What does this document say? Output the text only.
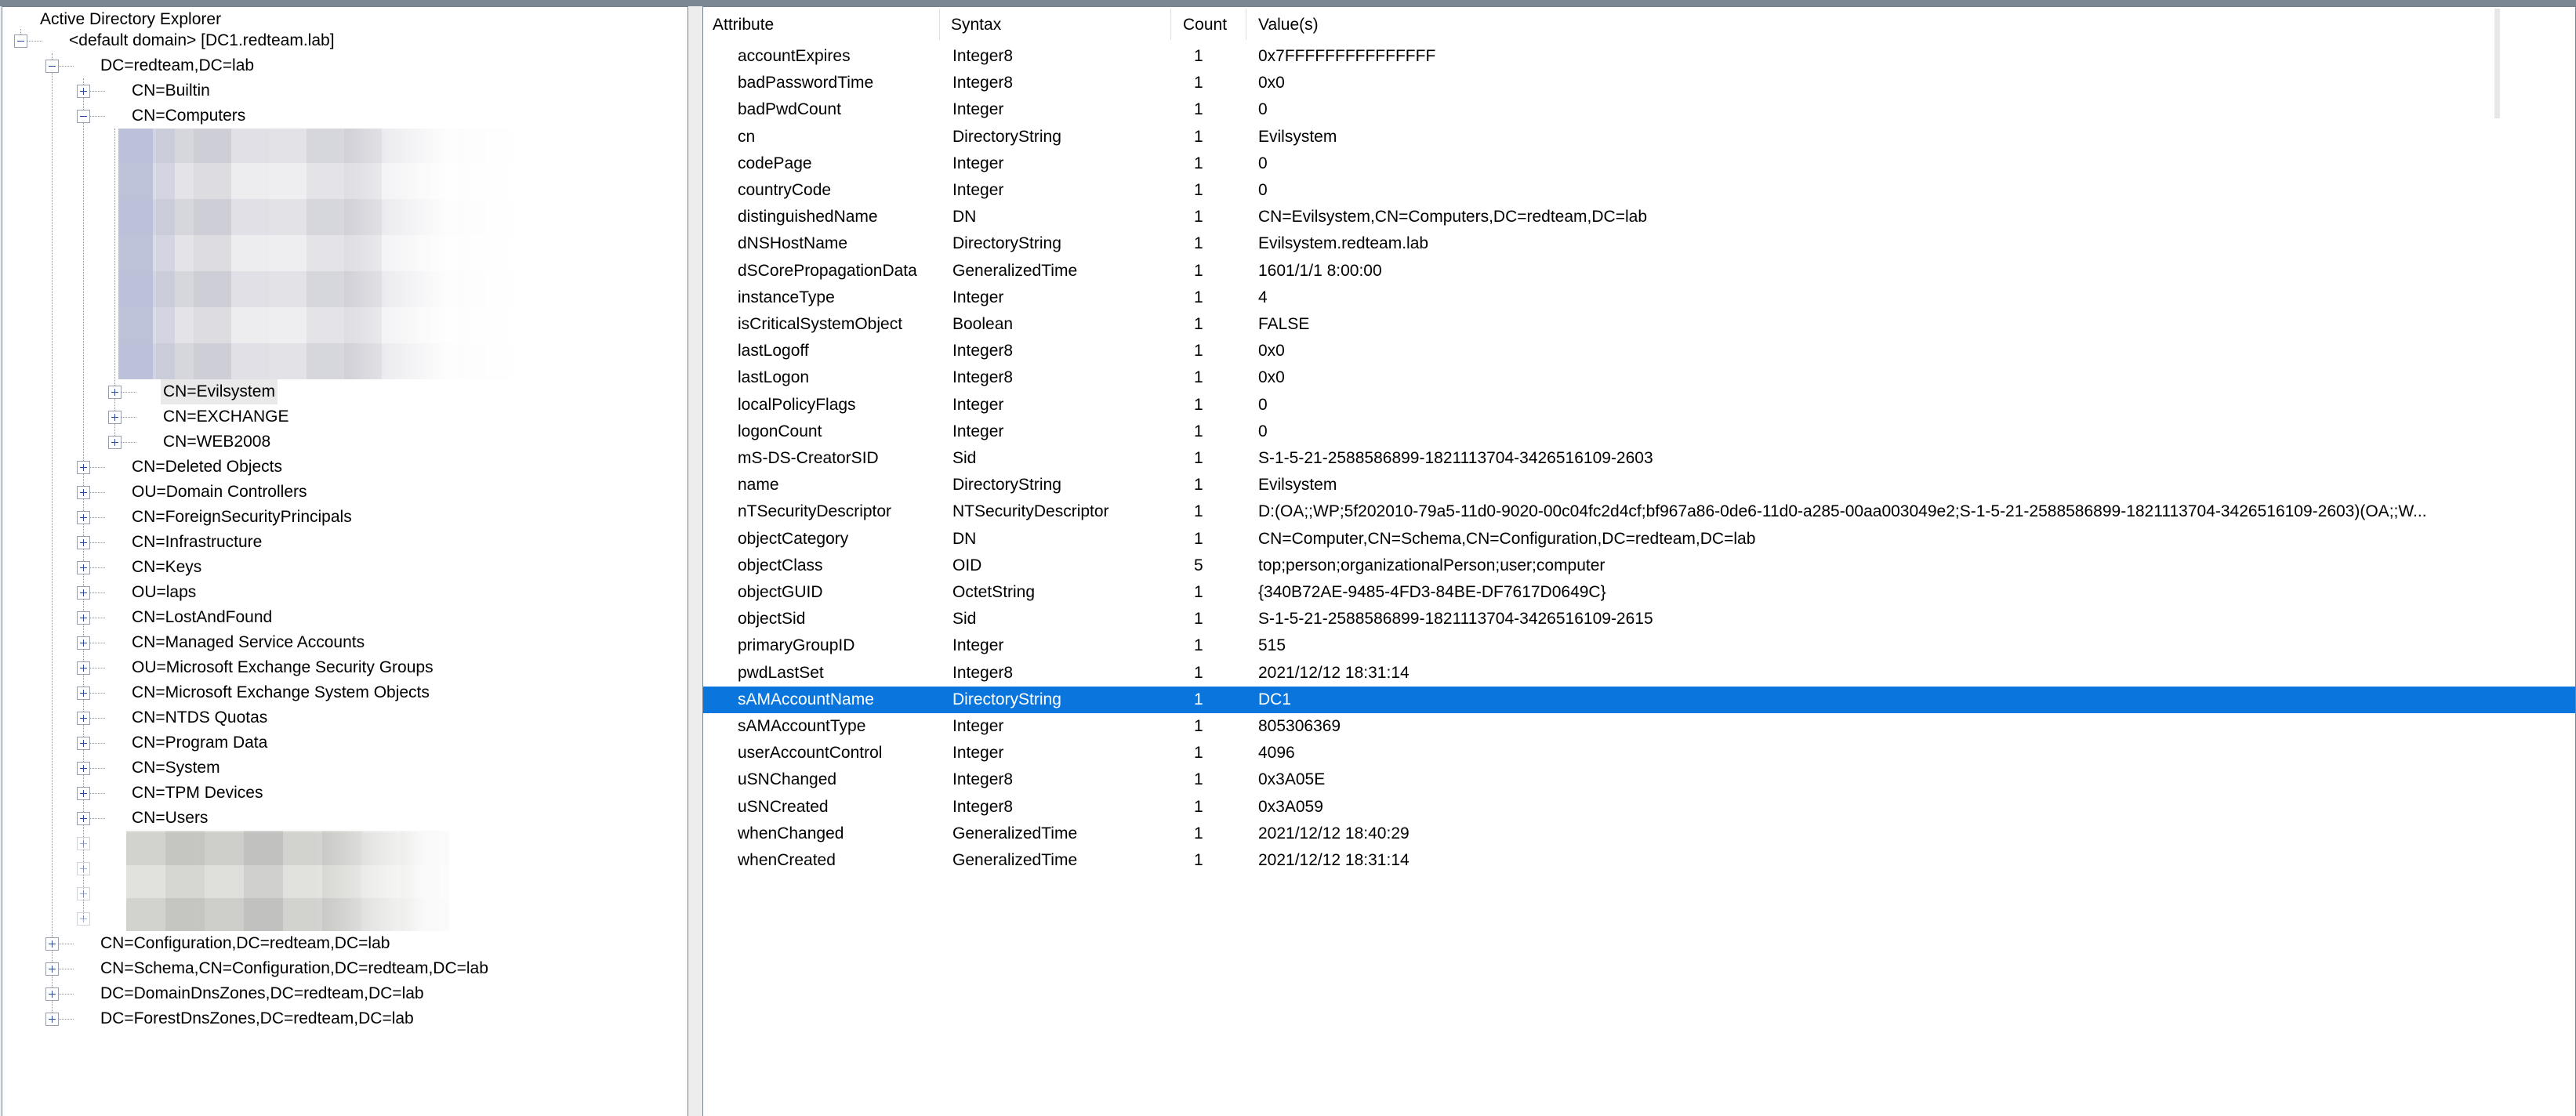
Active Directory Explorer
<default domain> [DC1.redteam.lab]
DC=redteam,DC=lab
CN=Builtin
CN=Computers
CN=Evilsystem
CN=EXCHANGE
CN=WEB2008
CN=Deleted Objects
OU=Domain Controllers
CN=ForeignSecurityPrincipals
CN=Infrastructure
CN=Keys
OU=laps
CN=LostAndFound
CN=Managed Service Accounts
OU=Microsoft Exchange Security Groups
CN=Microsoft Exchange System Objects
CN=NTDS Quotas
CN=Program Data
CN=System
CN=TPM Devices
CN=Users
CN=Configuration,DC=redteam,DC=lab
CN=Schema,CN=Configuration,DC=redteam,DC=lab
DC=DomainDnsZones,DC=redteam,DC=lab
DC=ForestDnsZones,DC=redteam,DC=lab
Attribute	Syntax	Count Value(s)
accountExpires	Integer8	1	0x7FFFFFFFFFFFFFFF
badPasswordTime	Integer8	1	0x0
badPwdCount	Integer	1	0
cn	DirectoryString	1	Evilsystem
codePage	Integer	1	0
countryCode	Integer	1	0
distinguishedName	DN	1	CN=Evilsystem,CN=Computers,DC=redteam,DC=lab
dNSHostName	DirectoryString	1	Evilsystem.redteam.lab
dSCorePropagationData	GeneralizedTime	1	1601/1/1 8:00:00
instanceType	Integer	1	4
isCriticalSystemObject	Boolean	1	FALSE
lastLogoff	Integer8	1	0x0
lastLogon	Integer8	1	0x0
localPolicyFlags	Integer	1	0
logonCount	Integer	1	0
mS-DS-CreatorSID	Sid	1	S-1-5-21-2588586899-1821113704-3426516109-2603
name	DirectoryString	1	Evilsystem
nTSecurityDescriptor	NTSecurityDescriptor	1	D:(OA;;WP;5f202010-79a5-11d0-9020-00c04fc2d4cf;bf967a86-0de6-11d0-a285-00aa003049e2;S-1-5-21-2588586899-1821113704-3426516109-2603)(OA;;W...
objectCategory	DN	1	CN=Computer,CN=Schema,CN=Configuration,DC=redteam,DC=lab
objectClass	OID	5	top;person;organizationalPerson;user;computer
objectGUID	OctetString	1	{340B72AE-9485-4FD3-84BE-DF7617D0649C}
objectSid	Sid	1	S-1-5-21-2588586899-1821113704-3426516109-2615
primaryGroupID	Integer	1	515
pwdLastSet	Integer8	1	2021/12/12 18:31:14
sAMAccountName	DirectoryString	1	DC1
sAMAccountType	Integer	1	805306369
userAccountControl	Integer	1	4096
uSNChanged	Integer8	1	0x3A05E
uSNCreated	Integer8	1	0x3A059
whenChanged	GeneralizedTime	1	2021/12/12 18:40:29
whenCreated	GeneralizedTime	1	2021/12/12 18:31:14
